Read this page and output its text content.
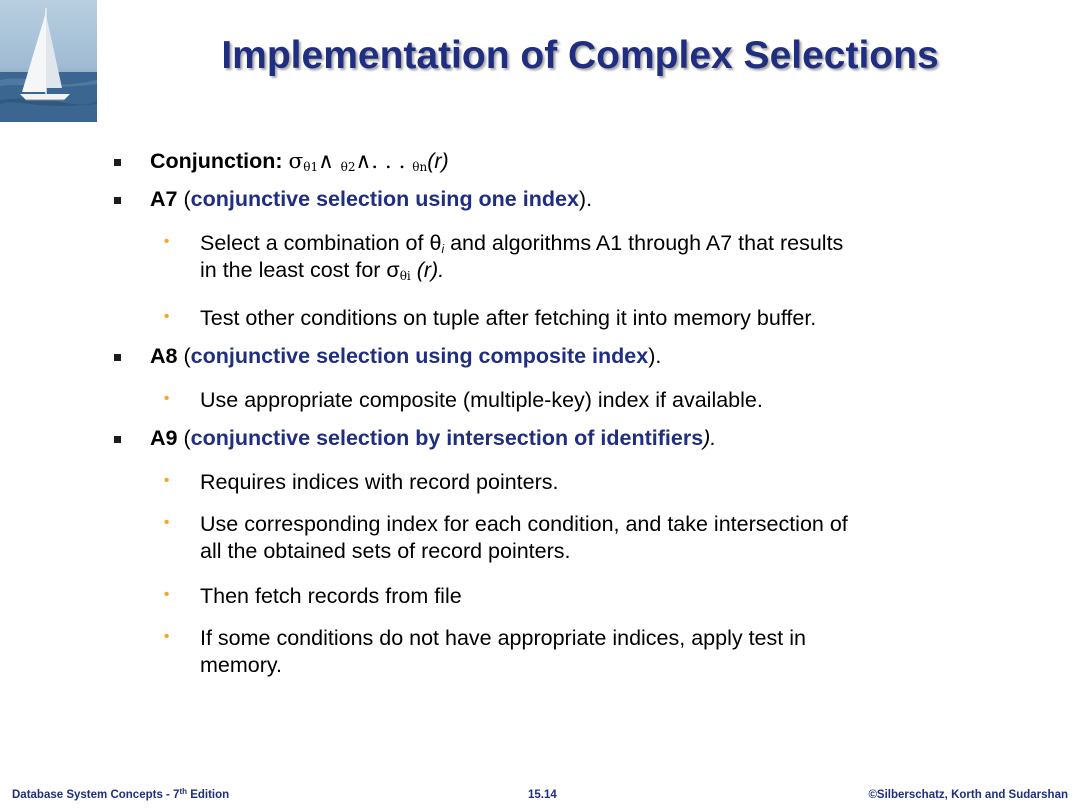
Implementation of Complex Selections
Conjunction: $\sigma_{\theta 1}\wedge$ $_{\theta 2}$∧. . . $_{\theta n}$(r)
A7 (conjunctive selection using one index).
• Select a combination of $\theta_i$ and algorithms A1 through A7 that results
in the least cost for $\sigma_{\theta i}$ (r).
• Test other conditions on tuple after fetching it into memory buffer.
A8 (conjunctive selection using composite index).
• Use appropriate composite (multiple-key) index if available.
A9 (conjunctive selection by intersection of identifiers).
• Requires indices with record pointers.
• Use corresponding index for each condition, and take intersection of
all the obtained sets of record pointers.
• Then fetch records from file
• If some conditions do not have appropriate indices, apply test in
memory.
Database System Concepts - 7th Edition	15.14	©Silberschatz, Korth and Sudarshan
